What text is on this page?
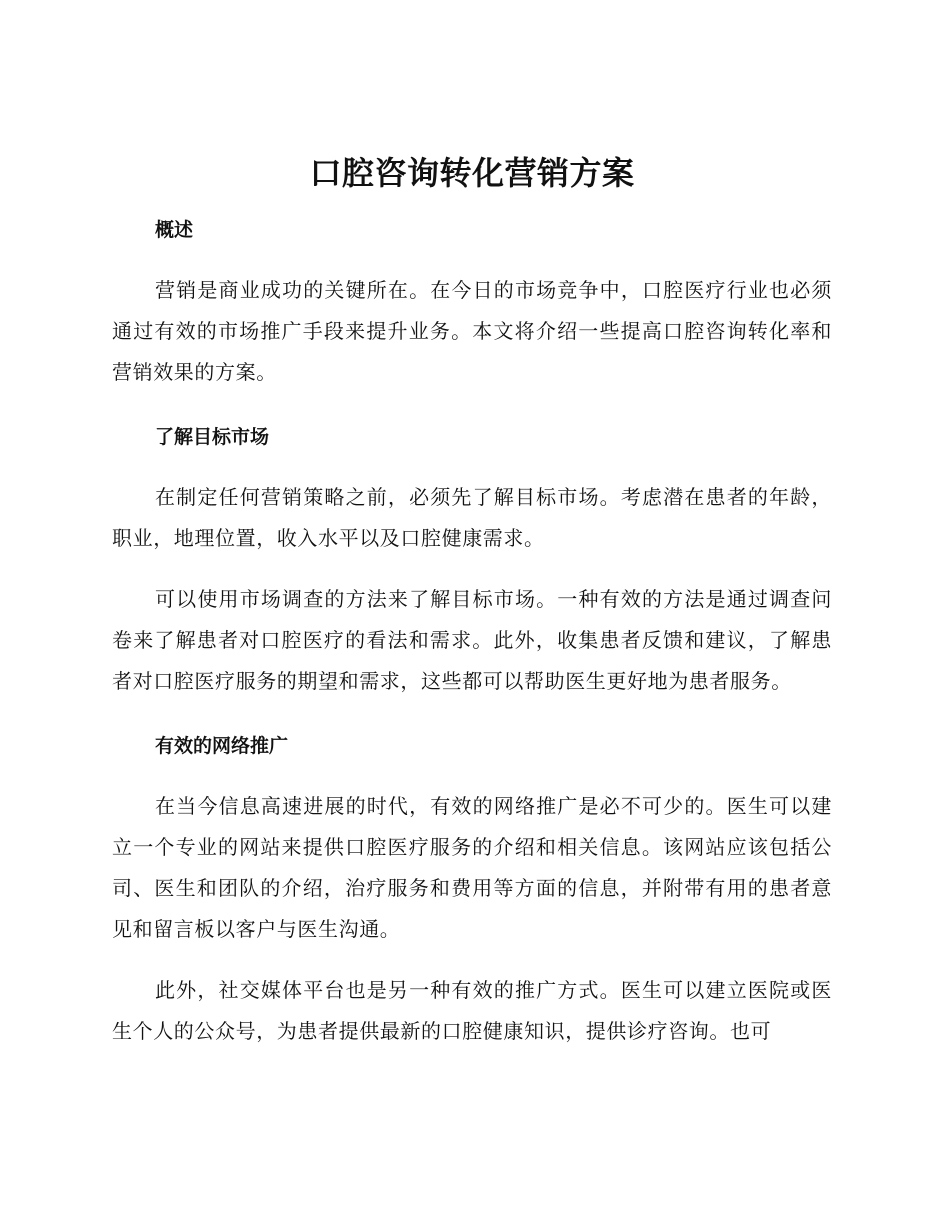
口腔咨询转化营销方案
概述

营销是商业成功的关键所在。在今日的市场竞争中，口腔医疗行业也必须通过有效的市场推广手段来提升业务。本文将介绍一些提高口腔咨询转化率和营销效果的方案。

了解目标市场

在制定任何营销策略之前，必须先了解目标市场。考虑潜在患者的年龄，职业，地理位置，收入水平以及口腔健康需求。

可以使用市场调查的方法来了解目标市场。一种有效的方法是通过调查问卷来了解患者对口腔医疗的看法和需求。此外，收集患者反馈和建议，了解患者对口腔医疗服务的期望和需求，这些都可以帮助医生更好地为患者服务。

有效的网络推广

在当今信息高速进展的时代，有效的网络推广是必不可少的。医生可以建立一个专业的网站来提供口腔医疗服务的介绍和相关信息。该网站应该包括公司、医生和团队的介绍，治疗服务和费用等方面的信息，并附带有用的患者意见和留言板以客户与医生沟通。

此外，社交媒体平台也是另一种有效的推广方式。医生可以建立医院或医生个人的公众号，为患者提供最新的口腔健康知识，提供诊疗咨询。也可
